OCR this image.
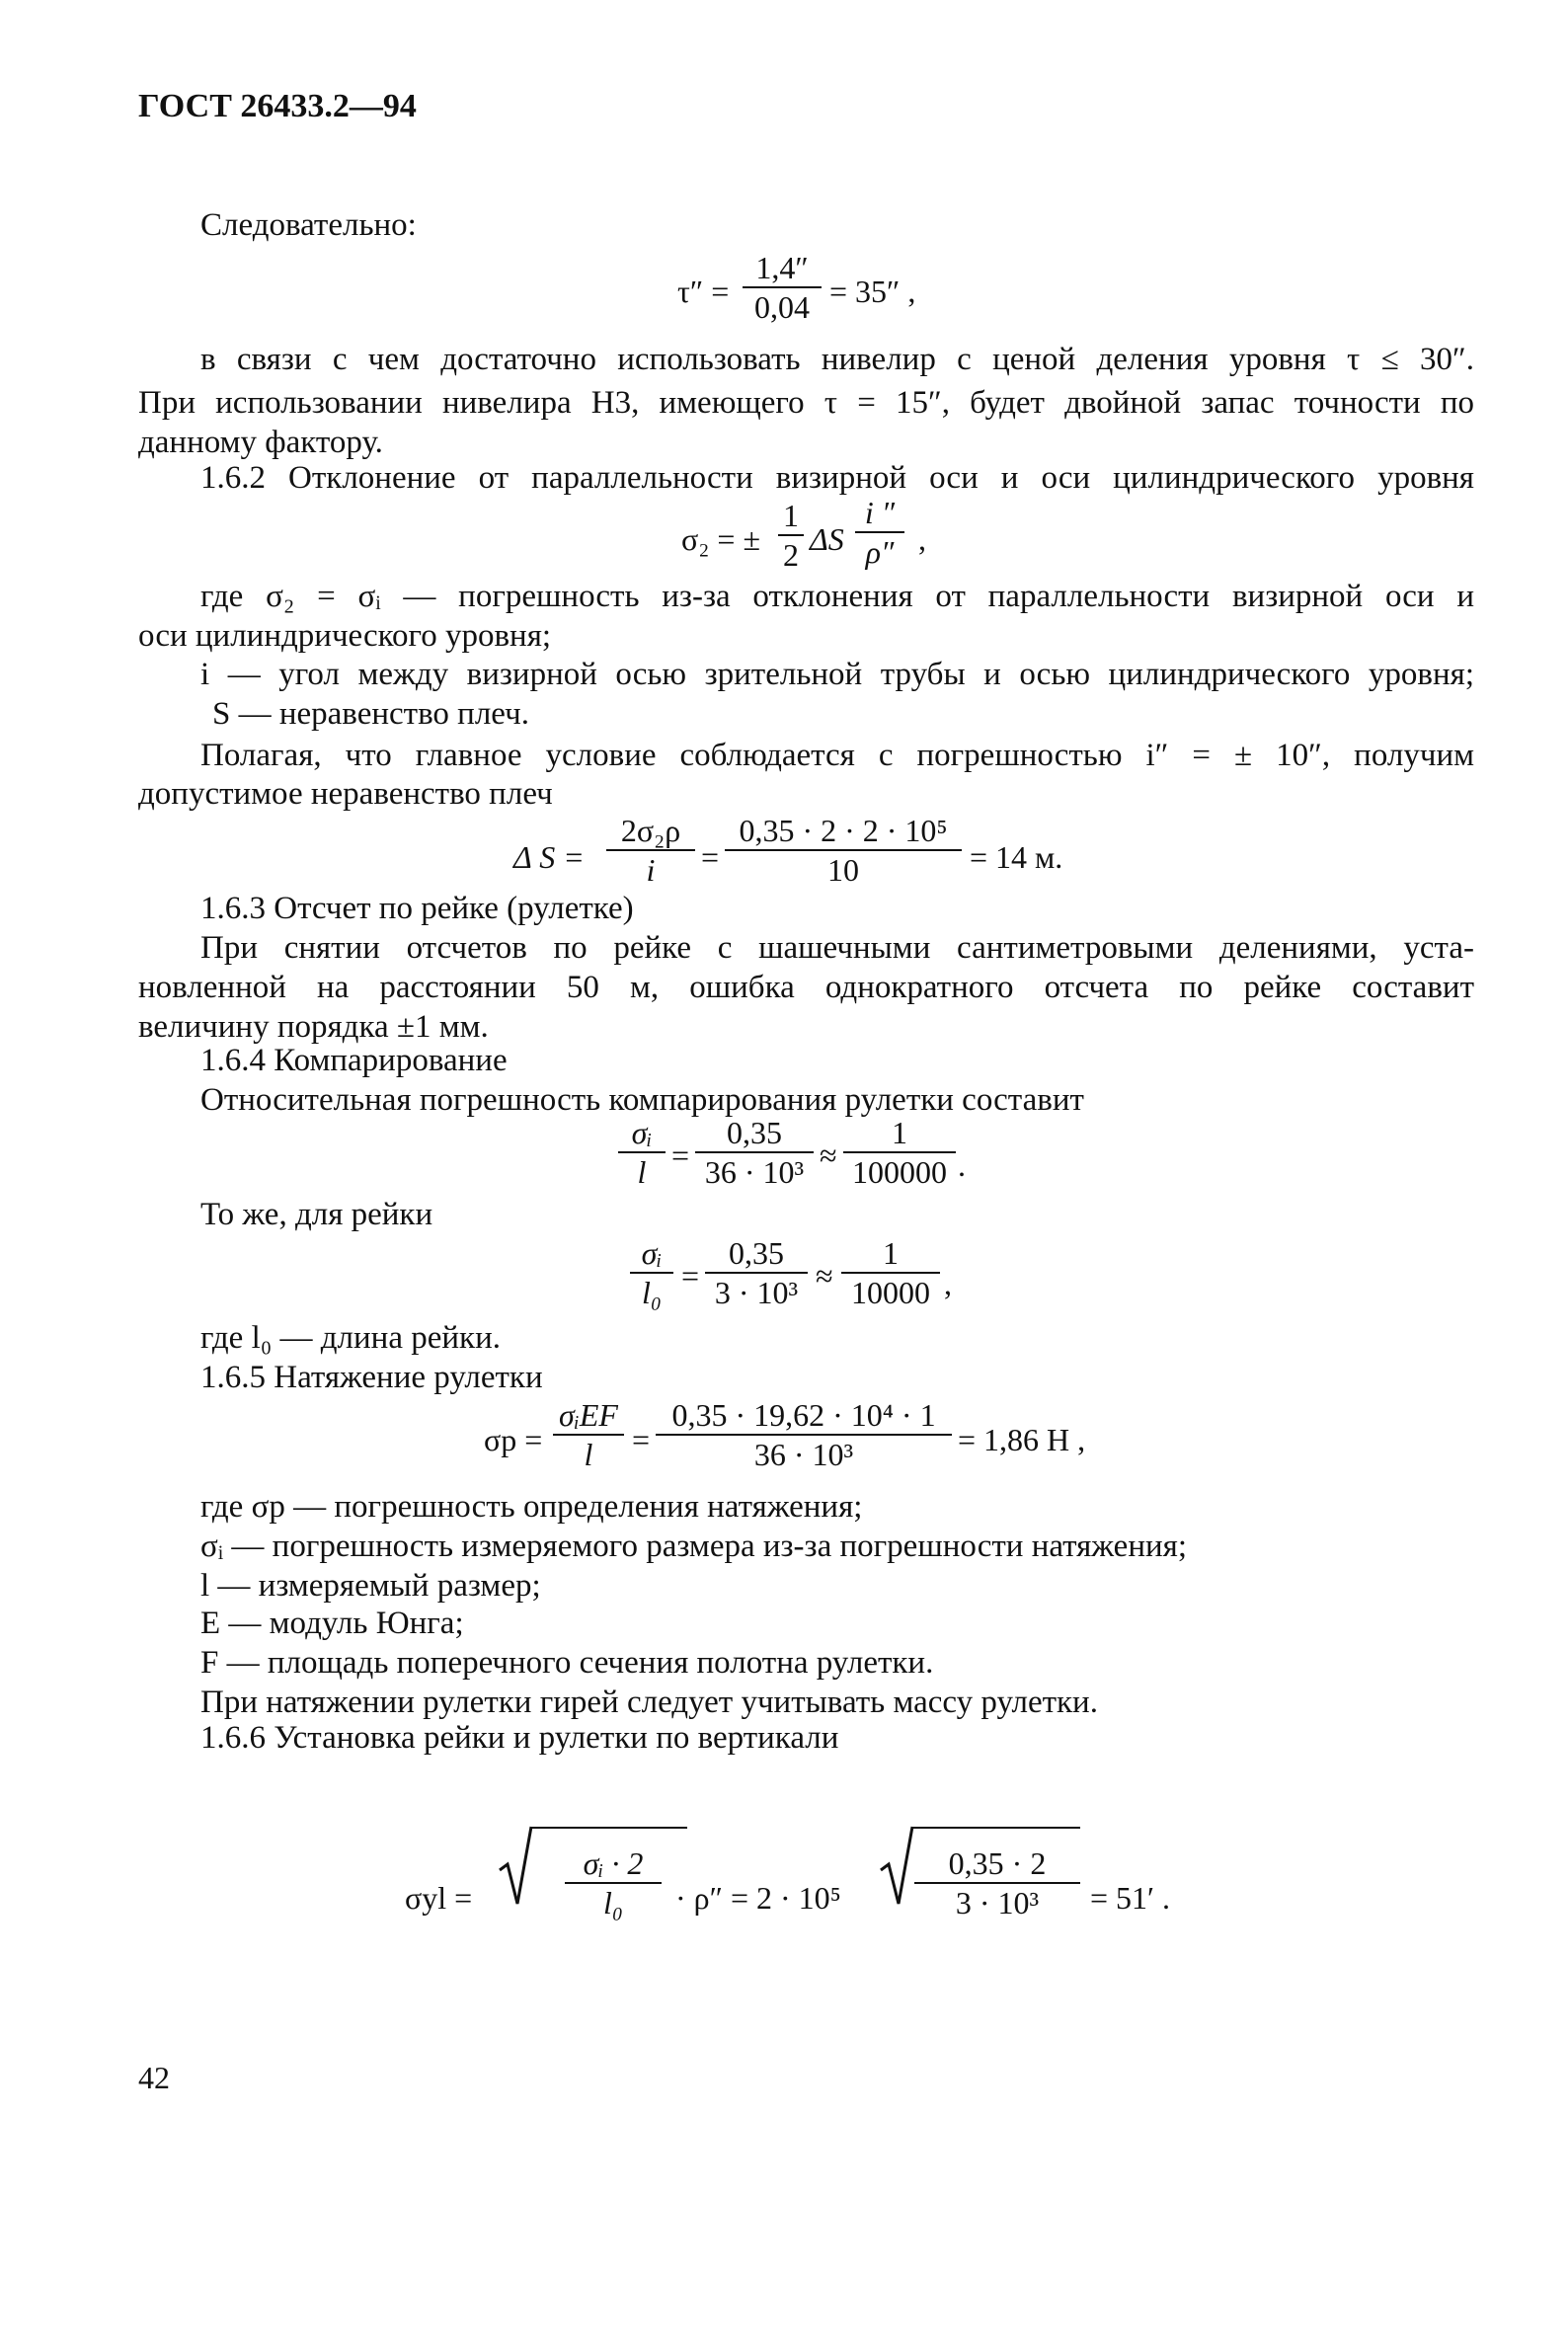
ГОСТ 26433.2—94
Следовательно:
τ″ =
1,4″
0,04 = 35″ ,
в связи с чем достаточно использовать нивелир с ценой деления уровня τ ≤ 30″.
При использовании нивелира Н3, имеющего τ = 15″, будет двойной запас точности по
данному фактору.
1.6.2 Отклонение от параллельности визирной оси и оси цилиндрического уровня
σ₂ = ±
1
2 ΔS
i ″
ρ″ ,
где σ₂ = σᵢ — погрешность из-за отклонения от параллельности визирной оси и
оси цилиндрического уровня;
i — угол между визирной осью зрительной трубы и осью цилиндрического уровня;
S — неравенство плеч.
Полагая, что главное условие соблюдается с погрешностью i″ = ± 10″, получим
допустимое неравенство плеч
Δ S =
2σ₂ρ
i	=
0,35 · 2 · 2 · 10⁵
10	= 14 м.
1.6.3 Отсчет по рейке (рулетке)
При снятии отсчетов по рейке с шашечными сантиметровыми делениями, уста-
новленной на расстоянии 50 м, ошибка однократного отсчета по рейке составит
величину порядка ±1 мм.
1.6.4 Компарирование
Относительная погрешность компарирования рулетки составит
σᵢ
l =
0,35
36 · 10³ ≈
1
100000 .
То же, для рейки
σᵢ
l₀ =
0,35
3 · 10³ ≈
1
10000 ,
где l₀ — длина рейки.
1.6.5 Натяжение рулетки
σp =
σᵢEF
l	=
0,35 · 19,62 · 10⁴ · 1
36 · 10³	= 1,86 Н ,
где σp — погрешность определения натяжения;
σᵢ — погрешность измеряемого размера из-за погрешности натяжения;
l — измеряемый размер;
E — модуль Юнга;
F — площадь поперечного сечения полотна рулетки.
При натяжении рулетки гирей следует учитывать массу рулетки.
1.6.6 Установка рейки и рулетки по вертикали
σyl =
σᵢ · 2
l₀	· ρ″ = 2 · 10⁵
0,35 · 2
3 · 10³	= 51′ .
42
